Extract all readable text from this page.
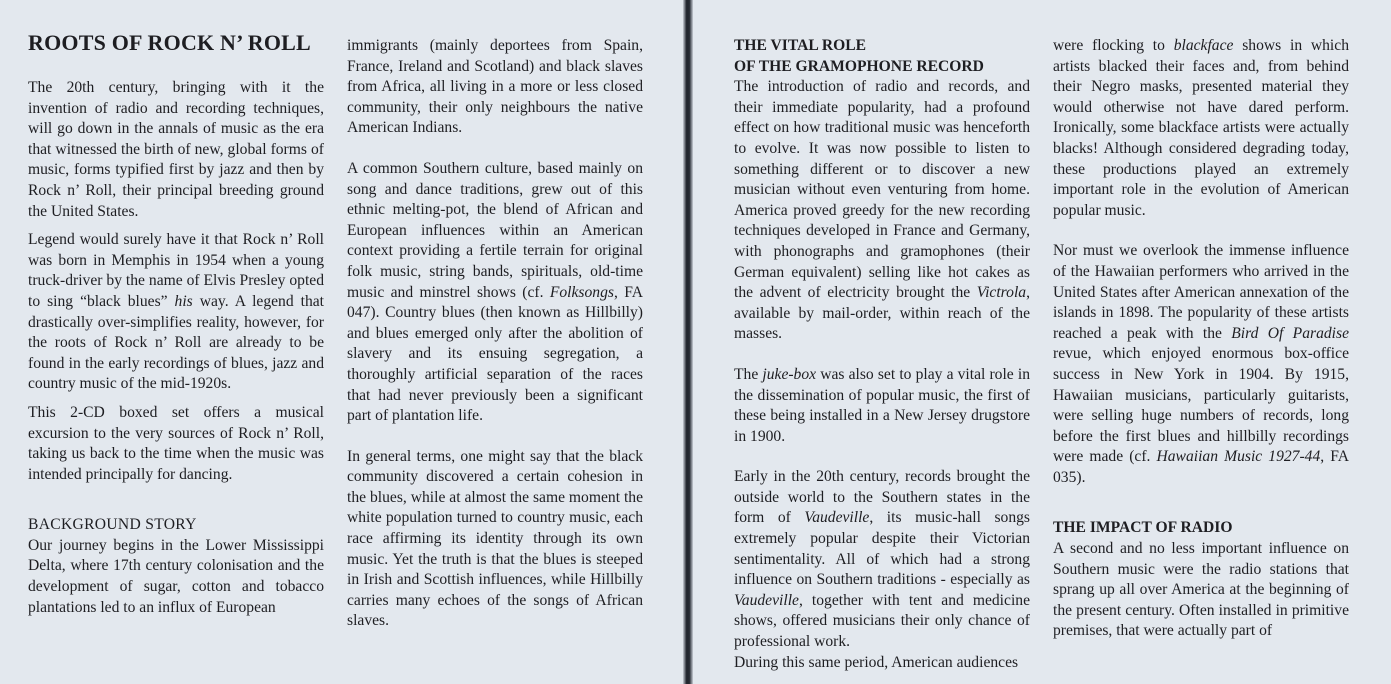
ROOTS OF ROCK N’ ROLL

The 20th century, bringing with it the invention of radio and recording techniques, will go down in the annals of music as the era that witnessed the birth of new, global forms of music, forms typified first by jazz and then by Rock n’ Roll, their principal breeding ground the United States.

Legend would surely have it that Rock n’ Roll was born in Memphis in 1954 when a young truck-driver by the name of Elvis Presley opted to sing “black blues” his way. A legend that drastically over-simplifies reality, however, for the roots of Rock n’ Roll are already to be found in the early recordings of blues, jazz and country music of the mid-1920s.

This 2-CD boxed set offers a musical excursion to the very sources of Rock n’ Roll, taking us back to the time when the music was intended principally for dancing.

BACKGROUND STORY

Our journey begins in the Lower Mississippi Delta, where 17th century colonisation and the development of sugar, cotton and tobacco plantations led to an influx of European

immigrants (mainly deportees from Spain, France, Ireland and Scotland) and black slaves from Africa, all living in a more or less closed community, their only neighbours the native American Indians.

A common Southern culture, based mainly on song and dance traditions, grew out of this ethnic melting-pot, the blend of African and European influences within an American context providing a fertile terrain for original folk music, string bands, spirituals, old-time music and minstrel shows (cf. Folksongs, FA 047). Country blues (then known as Hillbilly) and blues emerged only after the abolition of slavery and its ensuing segregation, a thoroughly artificial separation of the races that had never previously been a significant part of plantation life.

In general terms, one might say that the black community discovered a certain cohesion in the blues, while at almost the same moment the white population turned to country music, each race affirming its identity through its own music. Yet the truth is that the blues is steeped in Irish and Scottish influences, while Hillbilly carries many echoes of the songs of African slaves.

THE VITAL ROLE

OF THE GRAMOPHONE RECORD

The introduction of radio and records, and their immediate popularity, had a profound effect on how traditional music was henceforth to evolve. It was now possible to listen to something different or to discover a new musician without even venturing from home. America proved greedy for the new recording techniques developed in France and Germany, with phonographs and gramophones (their German equivalent) selling like hot cakes as the advent of electricity brought the Victrola, available by mail-order, within reach of the masses.

The juke-box was also set to play a vital role in the dissemination of popular music, the first of these being installed in a New Jersey drugstore in 1900.

Early in the 20th century, records brought the outside world to the Southern states in the form of Vaudeville, its music-hall songs extremely popular despite their Victorian sentimentality. All of which had a strong influence on Southern traditions - especially as Vaudeville, together with tent and medicine shows, offered musicians their only chance of professional work.

During this same period, American audiences

were flocking to blackface shows in which artists blacked their faces and, from behind their Negro masks, presented material they would otherwise not have dared perform. Ironically, some blackface artists were actually blacks! Although considered degrading today, these productions played an extremely important role in the evolution of American popular music.

Nor must we overlook the immense influence of the Hawaiian performers who arrived in the United States after American annexation of the islands in 1898. The popularity of these artists reached a peak with the Bird Of Paradise revue, which enjoyed enormous box-office success in New York in 1904. By 1915, Hawaiian musicians, particularly guitarists, were selling huge numbers of records, long before the first blues and hillbilly recordings were made (cf. Hawaiian Music 1927-44, FA 035).

THE IMPACT OF RADIO

A second and no less important influence on Southern music were the radio stations that sprang up all over America at the beginning of the present century. Often installed in primitive premises, that were actually part of
